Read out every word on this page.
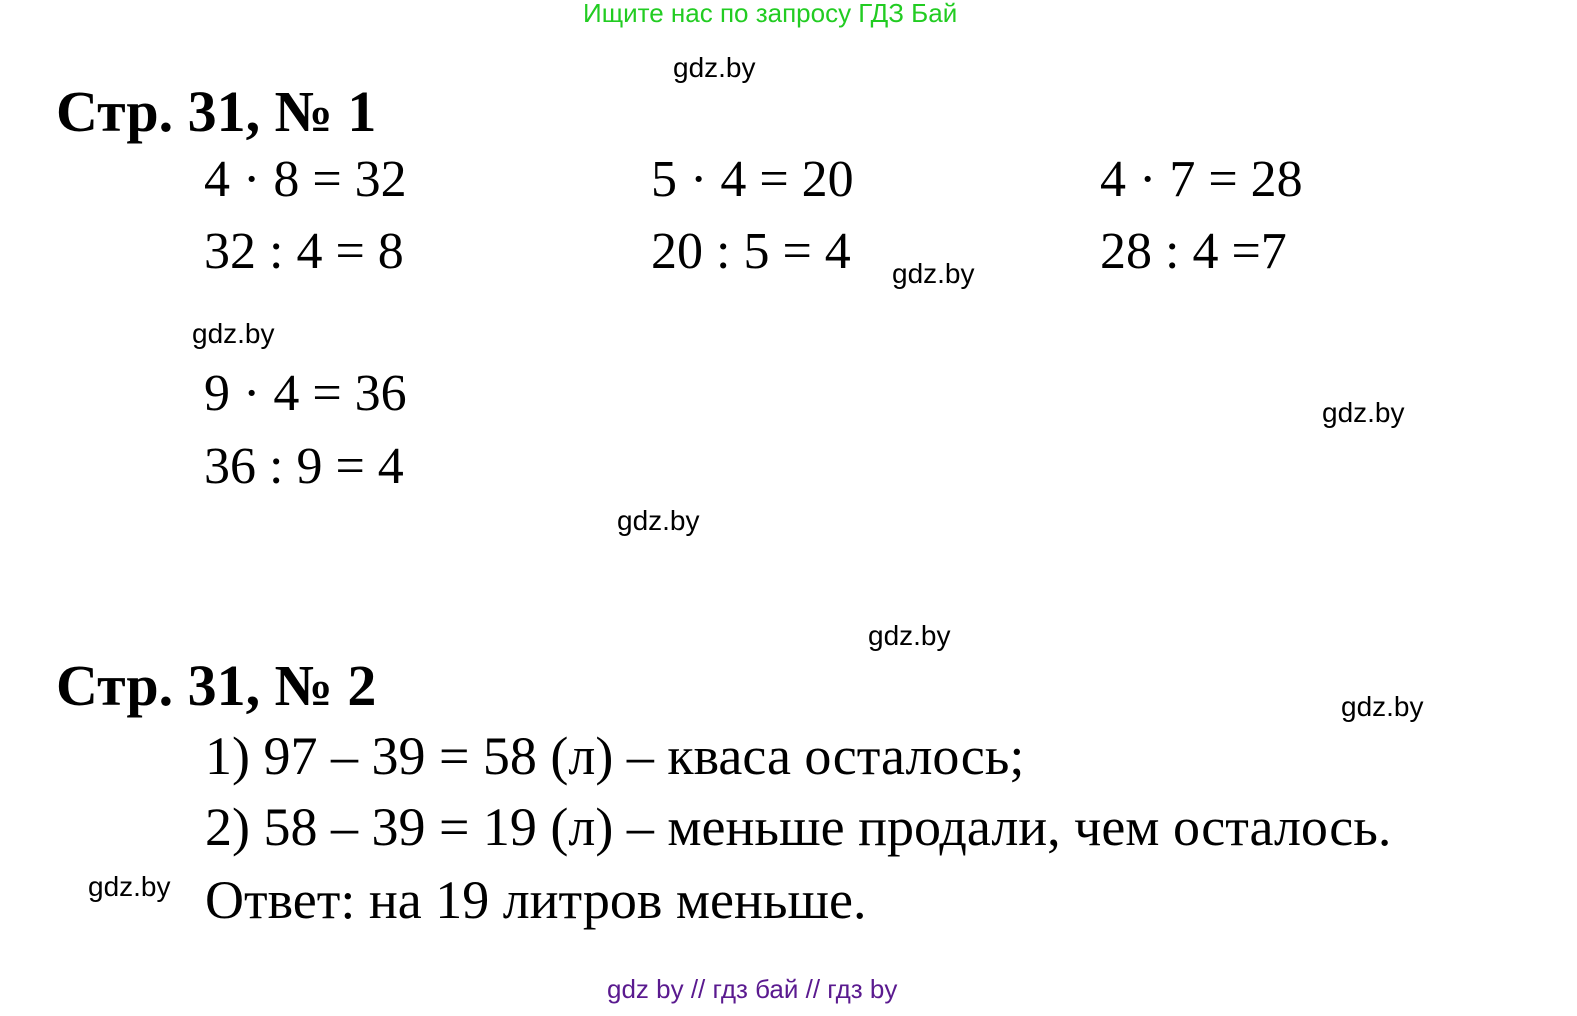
Ищите нас по запросу ГДЗ Бай
gdz.by
gdz.by
gdz.by
gdz.by
gdz.by
gdz.by
gdz.by
gdz.by
Стр. 31, № 1
4 · 8 = 32
32 : 4 = 8
5 · 4 = 20
20 : 5 = 4
4 · 7 = 28
28 : 4 =7
9 · 4 = 36
36 : 9 = 4
Стр. 31, № 2
1) 97 – 39 = 58 (л) – кваса осталось;
2) 58 – 39 = 19 (л) – меньше продали, чем осталось.
Ответ: на 19 литров меньше.
gdz by // гдз бай // гдз by
